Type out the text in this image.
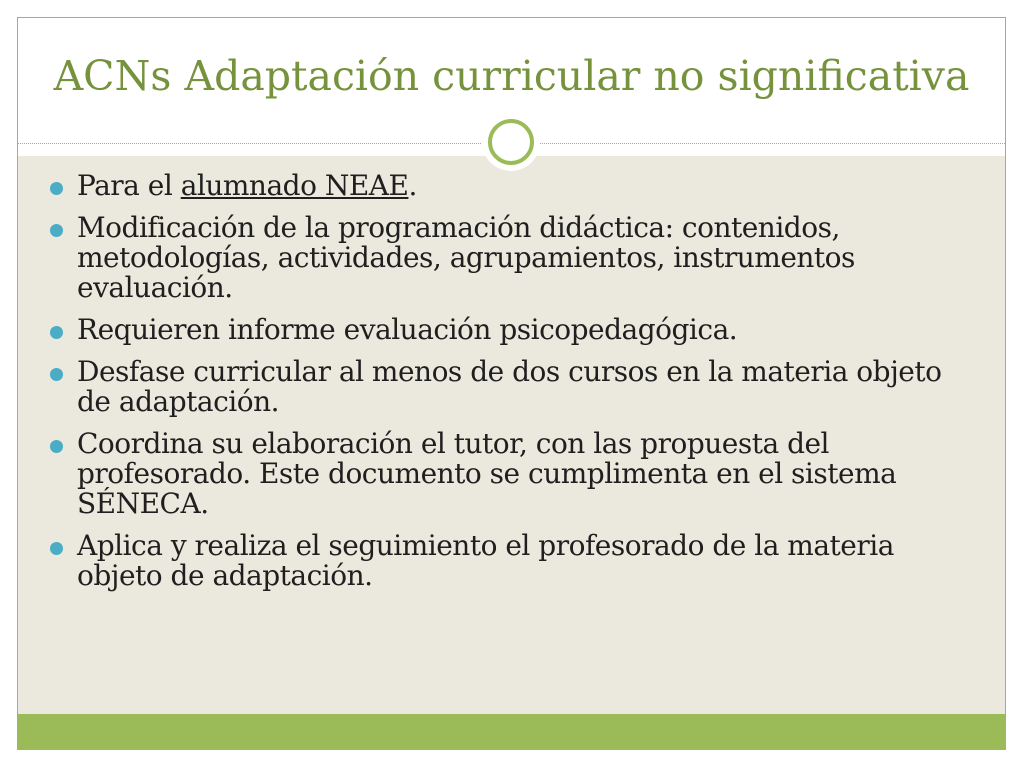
ACNs Adaptación curricular no significativa
Para el alumnado NEAE.
Modificación de la programación didáctica: contenidos, metodologías, actividades, agrupamientos, instrumentos evaluación.
Requieren informe evaluación psicopedagógica.
Desfase curricular al menos de dos cursos en la materia objeto de adaptación.
Coordina su elaboración el tutor, con las propuesta del profesorado. Este documento se cumplimenta en el sistema SÉNECA.
Aplica y realiza el seguimiento el profesorado de la materia objeto de adaptación.
